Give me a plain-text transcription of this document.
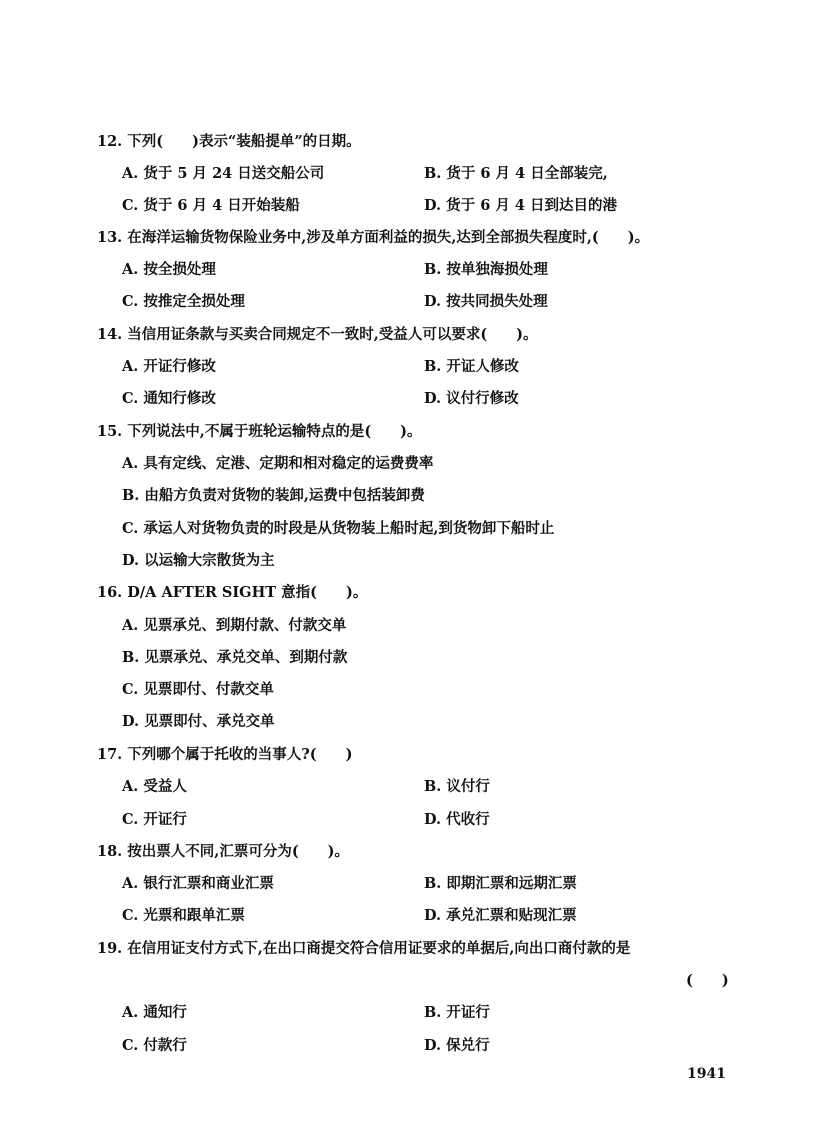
12. 下列(　　)表示“装船提单”的日期。
A. 货于 5 月 24 日送交船公司	B. 货于 6 月 4 日全部装完,
C. 货于 6 月 4 日开始装船	D. 货于 6 月 4 日到达目的港
13. 在海洋运输货物保险业务中,涉及单方面利益的损失,达到全部损失程度时,(　　)。
A. 按全损处理	B. 按单独海损处理
C. 按推定全损处理	D. 按共同损失处理
14. 当信用证条款与买卖合同规定不一致时,受益人可以要求(　　)。
A. 开证行修改	B. 开证人修改
C. 通知行修改	D. 议付行修改
15. 下列说法中,不属于班轮运输特点的是(　　)。
A. 具有定线、定港、定期和相对稳定的运费费率
B. 由船方负责对货物的装卸,运费中包括装卸费
C. 承运人对货物负责的时段是从货物装上船时起,到货物卸下船时止
D. 以运输大宗散货为主
16. D/A AFTER SIGHT 意指(　　)。
A. 见票承兑、到期付款、付款交单
B. 见票承兑、承兑交单、到期付款
C. 见票即付、付款交单
D. 见票即付、承兑交单
17. 下列哪个属于托收的当事人?(　　)
A. 受益人	B. 议付行
C. 开证行	D. 代收行
18. 按出票人不同,汇票可分为(　　)。
A. 银行汇票和商业汇票	B. 即期汇票和远期汇票
C. 光票和跟单汇票	D. 承兑汇票和贴现汇票
19. 在信用证支付方式下,在出口商提交符合信用证要求的单据后,向出口商付款的是
(　　)
A. 通知行	B. 开证行
C. 付款行	D. 保兑行
1941
